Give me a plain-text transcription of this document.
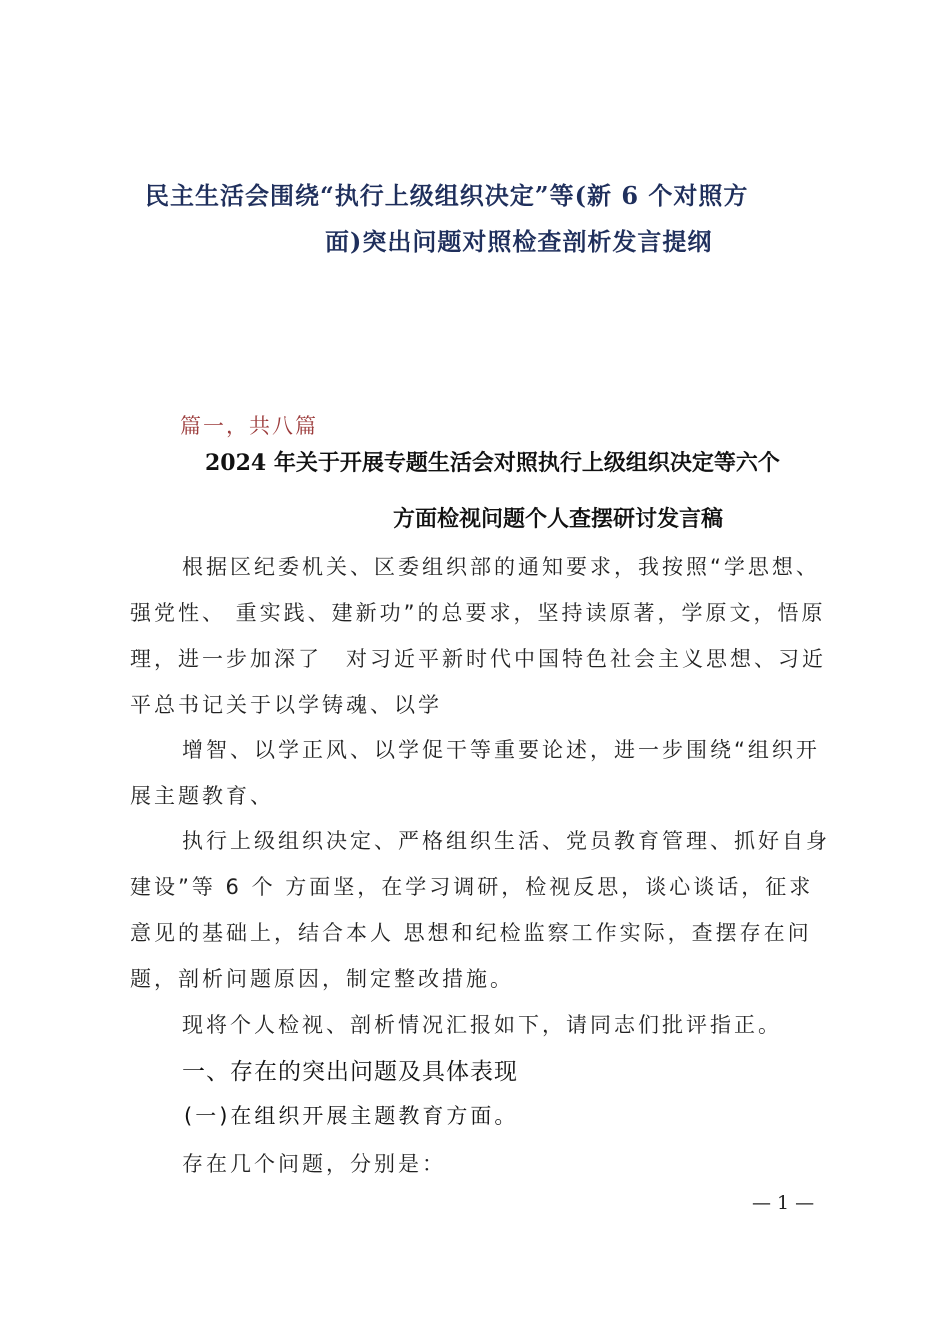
民主生活会围绕“执行上级组织决定”等(新 6 个对照方
面)突出问题对照检查剖析发言提纲
篇一，共八篇
2024 年关于开展专题生活会对照执行上级组织决定等六个
方面检视问题个人查摆研讨发言稿
根据区纪委机关、区委组织部的通知要求，我按照“学思想、强党性、 重实践、建新功”的总要求，坚持读原著，学原文，悟原理，进一步加深了　对习近平新时代中国特色社会主义思想、习近平总书记关于以学铸魂、以学
增智、以学正风、以学促干等重要论述，进一步围绕“组织开展主题教育、
执行上级组织决定、严格组织生活、党员教育管理、抓好自身建设”等 6 个 方面坚，在学习调研，检视反思，谈心谈话，征求意见的基础上，结合本人 思想和纪检监察工作实际，查摆存在问题，剖析问题原因，制定整改措施。
现将个人检视、剖析情况汇报如下，请同志们批评指正。
一、存在的突出问题及具体表现
(一)在组织开展主题教育方面。
存在几个问题，分别是：
— 1 —
